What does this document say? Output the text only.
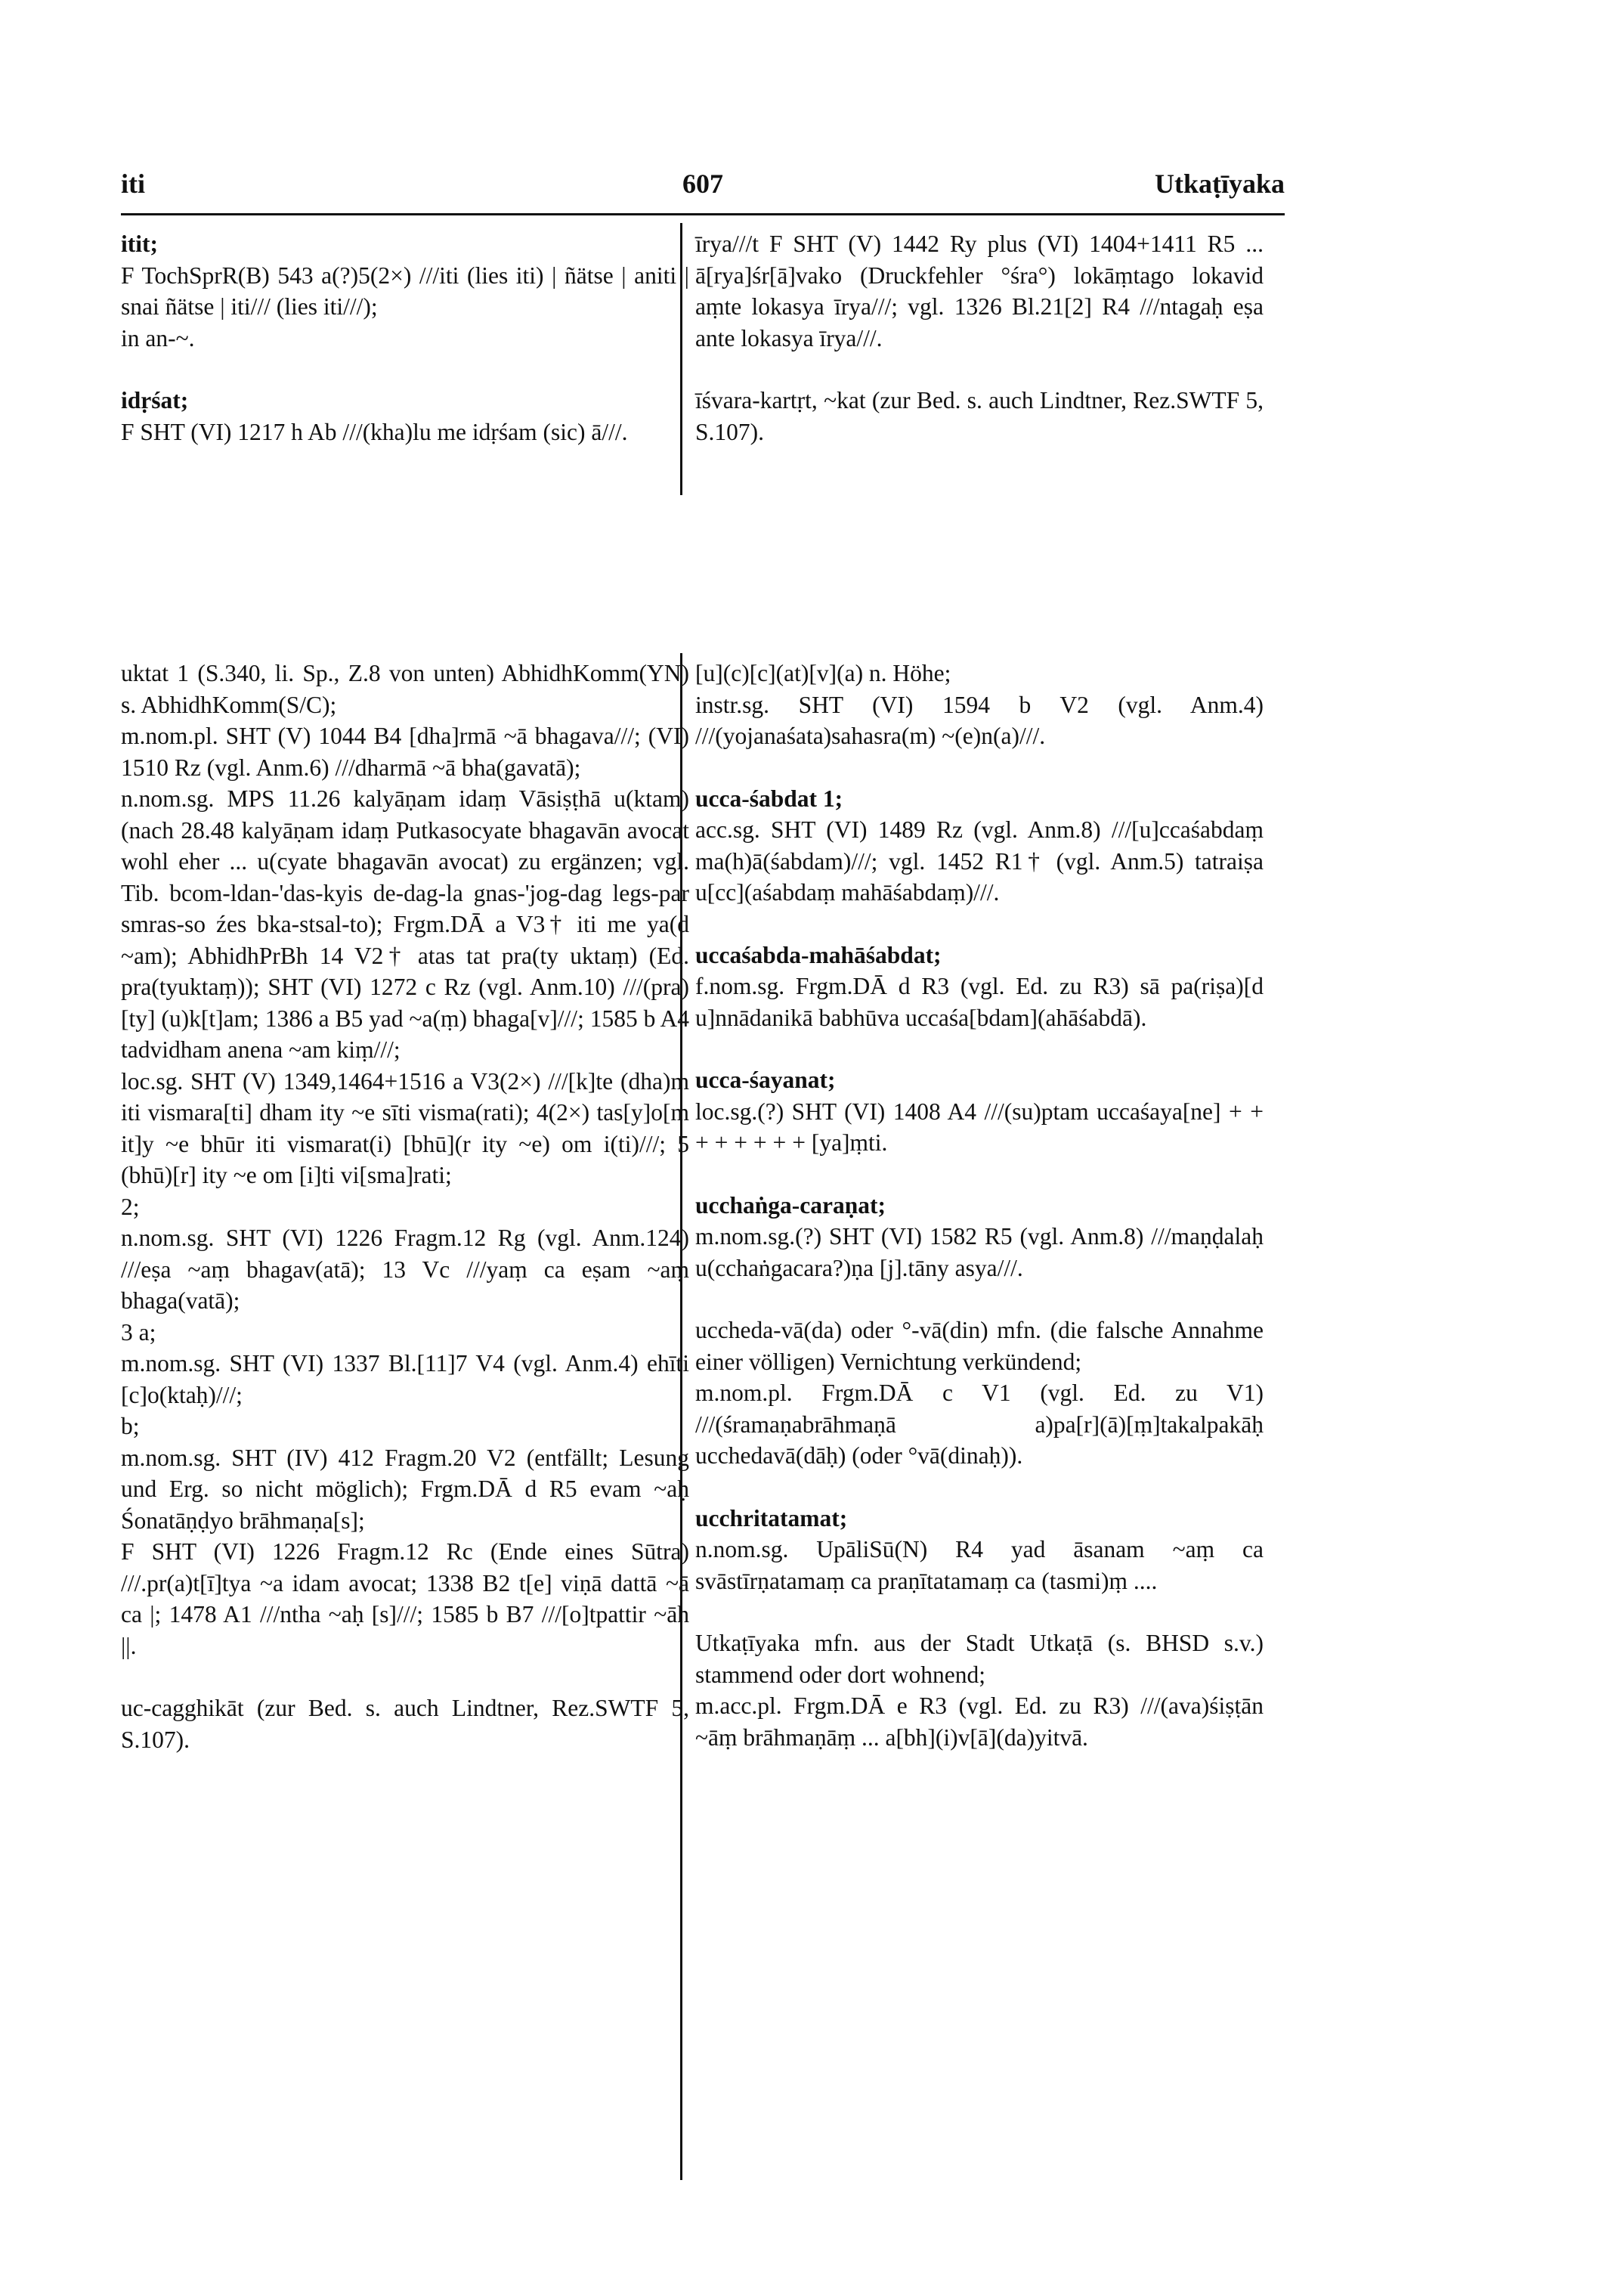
iti	607	Utkaṭīyaka

itit;

F TochSprR(B) 543 a(?)5(2×) ///iti (lies iti) | ñätse | aniti | snai ñätse | iti/// (lies iti///);

in an-~.

idṛśat;

F SHT (VI) 1217 h Ab ///(kha)lu me idṛśam (sic) ā///.

īrya///t F SHT (V) 1442 Ry plus (VI) 1404+1411 R5 ... ā[rya]śr[ā]vako (Druckfehler °śra°) lokāṃtago lokavid aṃte lokasya īrya///; vgl. 1326 Bl.21[2] R4 ///ntagaḥ eṣa ante lokasya īrya///.

īśvara-kartṛt, ~kat (zur Bed. s. auch Lindtner, Rez.SWTF 5, S.107).

uktat 1 (S.340, li. Sp., Z.8 von unten) AbhidhKomm(YN) s. AbhidhKomm(S/C);

m.nom.pl. SHT (V) 1044 B4 [dha]rmā ~ā bhagava///; (VI) 1510 Rz (vgl. Anm.6) ///dharmā ~ā bha(gavatā);

n.nom.sg. MPS 11.26 kalyāṇam idaṃ Vāsiṣṭhā u(ktam) (nach 28.48 kalyāṇam idaṃ Putkasocyate bhagavān avocat wohl eher ... u(cyate bhagavān avocat) zu ergänzen; vgl. Tib. bcom-ldan-'das-kyis de-dag-la gnas-'jog-dag legs-par smras-so źes bka-stsal-to); Frgm.DĀ a V3† iti me ya(d ~am); AbhidhPrBh 14 V2† atas tat pra(ty uktaṃ) (Ed. pra(tyuktaṃ)); SHT (VI) 1272 c Rz (vgl. Anm.10) ///(pra)[ty] (u)k[t]am; 1386 a B5 yad ~a(ṃ) bhaga[v]///; 1585 b A4 tadvidham anena ~am kiṃ///;

loc.sg. SHT (V) 1349,1464+1516 a V3(2×) ///[k]te (dha)m iti vismara[ti] dham ity ~e sīti visma(rati); 4(2×) tas[y]o[m it]y ~e bhūr iti vismarat(i) [bhū](r ity ~e) om i(ti)///; 5 (bhū)[r] ity ~e om [i]ti vi[sma]rati;

2;

n.nom.sg. SHT (VI) 1226 Fragm.12 Rg (vgl. Anm.124) ///eṣa ~aṃ bhagav(atā); 13 Vc ///yaṃ ca eṣam ~aṃ bhaga(vatā);

3 a;

m.nom.sg. SHT (VI) 1337 Bl.[11]7 V4 (vgl. Anm.4) ehīti [c]o(ktaḥ)///;

b;

m.nom.sg. SHT (IV) 412 Fragm.20 V2 (entfällt; Lesung und Erg. so nicht möglich); Frgm.DĀ d R5 evam ~aḥ Śonatāṇḍyo brāhmaṇa[s];

F SHT (VI) 1226 Fragm.12 Rc (Ende eines Sūtra) ///.pr(a)t[ī]tya ~a idam avocat; 1338 B2 t[e] viṇā dattā ~ā ca |; 1478 A1 ///ntha ~aḥ [s]///; 1585 b B7 ///[o]tpattir ~āh ||.

uc-cagghikāt (zur Bed. s. auch Lindtner, Rez.SWTF 5, S.107).

[u](c)[c](at)[v](a) n. Höhe;

instr.sg. SHT (VI) 1594 b V2 (vgl. Anm.4) ///(yojanaśata)sahasra(m) ~(e)n(a)///.

ucca-śabdat 1;

acc.sg. SHT (VI) 1489 Rz (vgl. Anm.8) ///[u]ccaśabdaṃ ma(h)ā(śabdam)///; vgl. 1452 R1† (vgl. Anm.5) tatraiṣa u[cc](aśabdaṃ mahāśabdaṃ)///.

uccaśabda-mahāśabdat;

f.nom.sg. Frgm.DĀ d R3 (vgl. Ed. zu R3) sā pa(riṣa)[d u]nnādanikā babhūva uccaśa[bdam](ahāśabdā).

ucca-śayanat;

loc.sg.(?) SHT (VI) 1408 A4 ///(su)ptam uccaśaya[ne] + + + + + + + + [ya]ṃti.

ucchaṅga-caraṇat;

m.nom.sg.(?) SHT (VI) 1582 R5 (vgl. Anm.8) ///maṇḍalaḥ u(cchaṅgacara?)ṇa [j].tāny asya///.

uccheda-vā(da) oder °-vā(din) mfn. (die falsche Annahme einer völligen) Vernichtung verkündend;

m.nom.pl. Frgm.DĀ c V1 (vgl. Ed. zu V1) ///(śramaṇabrāhmaṇā a)pa[r](ā)[ṃ]takalpakāḥ ucchedavā(dāḥ) (oder °vā(dinaḥ)).

ucchritatamat;

n.nom.sg. UpāliSū(N) R4 yad āsanam ~aṃ ca svāstīrṇatamaṃ ca praṇītatamaṃ ca (tasmi)ṃ ....

Utkaṭīyaka mfn. aus der Stadt Utkaṭā (s. BHSD s.v.) stammend oder dort wohnend;

m.acc.pl. Frgm.DĀ e R3 (vgl. Ed. zu R3) ///(ava)śiṣṭān ~āṃ brāhmaṇāṃ ... a[bh](i)v[ā](da)yitvā.
